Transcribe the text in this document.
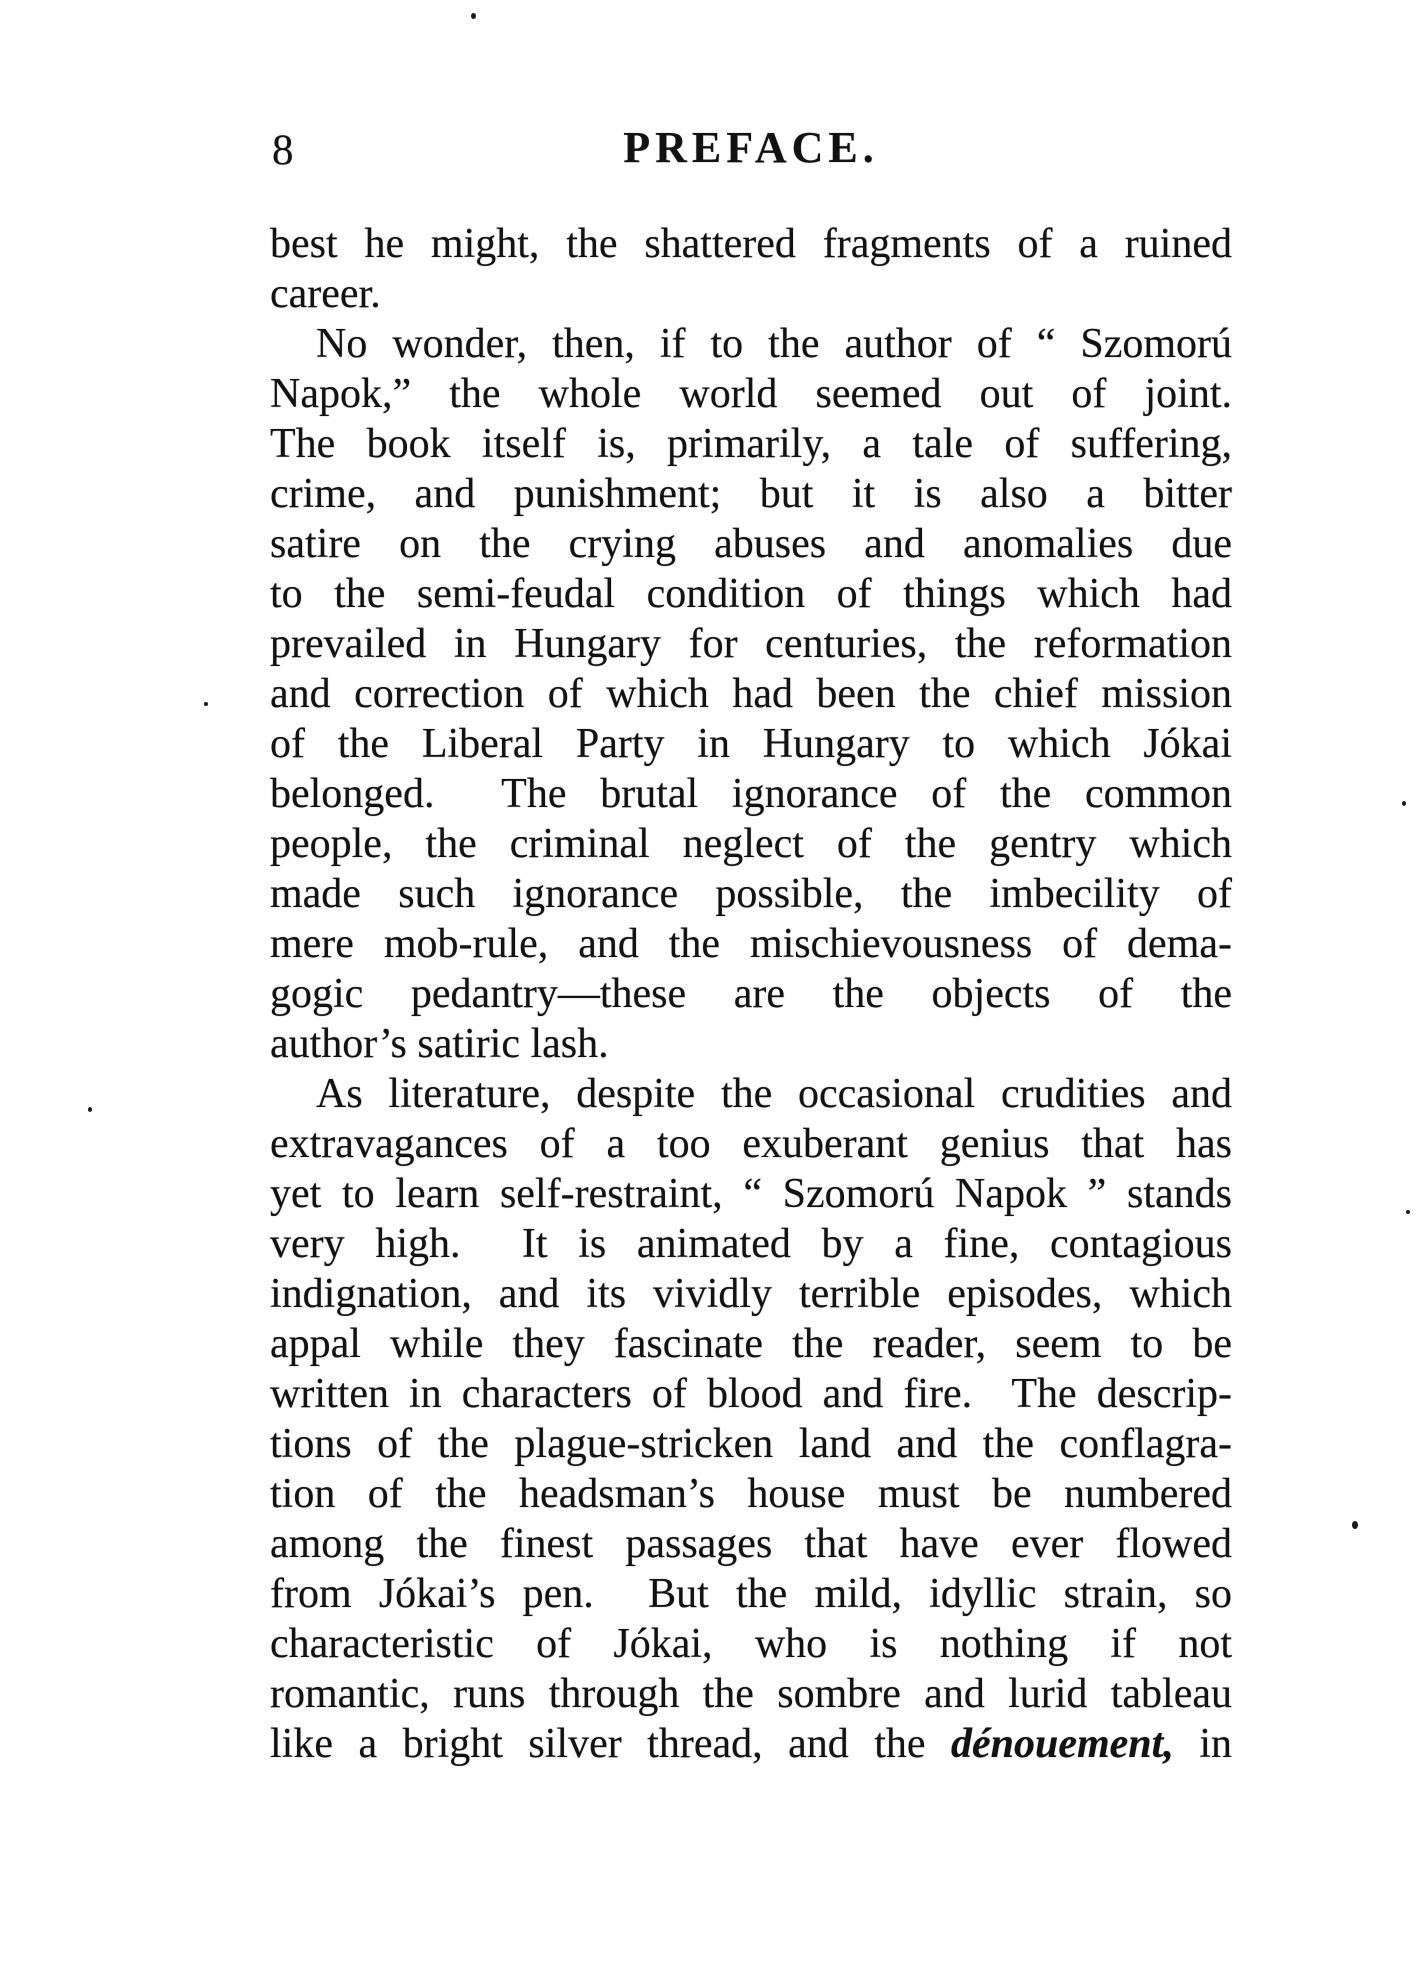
8	PREFACE.
best he might, the shattered fragments of a ruined
career.
No wonder, then, if to the author of “ Szomorú
Napok,” the whole world seemed out of joint.
The book itself is, primarily, a tale of suffering,
crime, and punishment; but it is also a bitter
satire on the crying abuses and anomalies due
to the semi-feudal condition of things which had
prevailed in Hungary for centuries, the reformation
and correction of which had been the chief mission
of the Liberal Party in Hungary to which Jókai
belonged.  The brutal ignorance of the common
people, the criminal neglect of the gentry which
made such ignorance possible, the imbecility of
mere mob-rule, and the mischievousness of dema-
gogic pedantry—these are the objects of the
author’s satiric lash.
As literature, despite the occasional crudities and
extravagances of a too exuberant genius that has
yet to learn self-restraint, “ Szomorú Napok ” stands
very high.  It is animated by a fine, contagious
indignation, and its vividly terrible episodes, which
appal while they fascinate the reader, seem to be
written in characters of blood and fire.  The descrip-
tions of the plague-stricken land and the conflagra-
tion of the headsman’s house must be numbered
among the finest passages that have ever flowed
from Jókai’s pen.  But the mild, idyllic strain, so
characteristic of Jókai, who is nothing if not
romantic, runs through the sombre and lurid tableau
like a bright silver thread, and the dénouement, in
